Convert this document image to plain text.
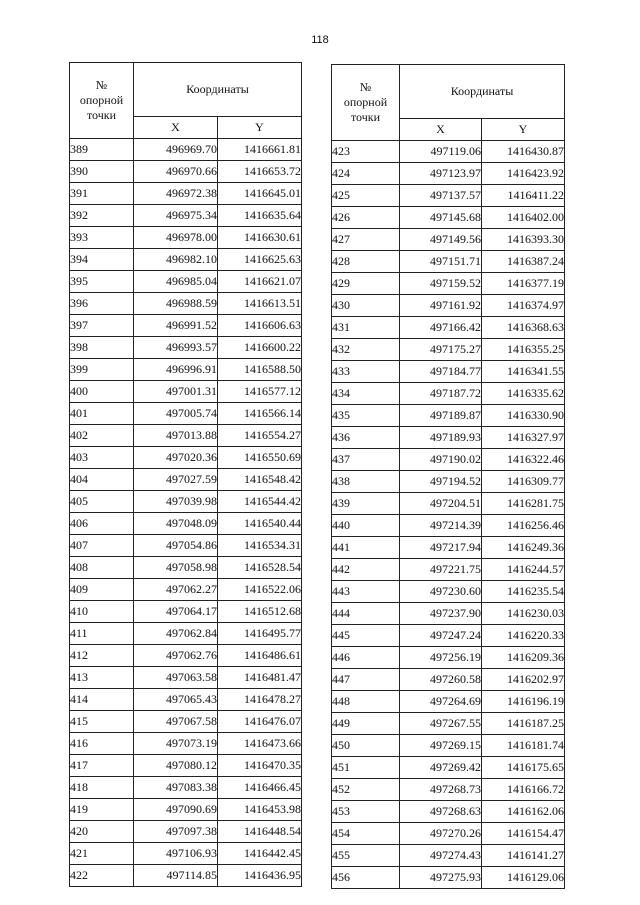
118
№
опорной
точки	Координаты	
	X	Y
389	496969.70	1416661.81
390	496970.66	1416653.72
391	496972.38	1416645.01
392	496975.34	1416635.64
393	496978.00	1416630.61
394	496982.10	1416625.63
395	496985.04	1416621.07
396	496988.59	1416613.51
397	496991.52	1416606.63
398	496993.57	1416600.22
399	496996.91	1416588.50
400	497001.31	1416577.12
401	497005.74	1416566.14
402	497013.88	1416554.27
403	497020.36	1416550.69
404	497027.59	1416548.42
405	497039.98	1416544.42
406	497048.09	1416540.44
407	497054.86	1416534.31
408	497058.98	1416528.54
409	497062.27	1416522.06
410	497064.17	1416512.68
411	497062.84	1416495.77
412	497062.76	1416486.61
413	497063.58	1416481.47
414	497065.43	1416478.27
415	497067.58	1416476.07
416	497073.19	1416473.66
417	497080.12	1416470.35
418	497083.38	1416466.45
419	497090.69	1416453.98
420	497097.38	1416448.54
421	497106.93	1416442.45
422	497114.85	1416436.95
№
опорной
точки	Координаты	
	X	Y
423	497119.06	1416430.87
424	497123.97	1416423.92
425	497137.57	1416411.22
426	497145.68	1416402.00
427	497149.56	1416393.30
428	497151.71	1416387.24
429	497159.52	1416377.19
430	497161.92	1416374.97
431	497166.42	1416368.63
432	497175.27	1416355.25
433	497184.77	1416341.55
434	497187.72	1416335.62
435	497189.87	1416330.90
436	497189.93	1416327.97
437	497190.02	1416322.46
438	497194.52	1416309.77
439	497204.51	1416281.75
440	497214.39	1416256.46
441	497217.94	1416249.36
442	497221.75	1416244.57
443	497230.60	1416235.54
444	497237.90	1416230.03
445	497247.24	1416220.33
446	497256.19	1416209.36
447	497260.58	1416202.97
448	497264.69	1416196.19
449	497267.55	1416187.25
450	497269.15	1416181.74
451	497269.42	1416175.65
452	497268.73	1416166.72
453	497268.63	1416162.06
454	497270.26	1416154.47
455	497274.43	1416141.27
456	497275.93	1416129.06
